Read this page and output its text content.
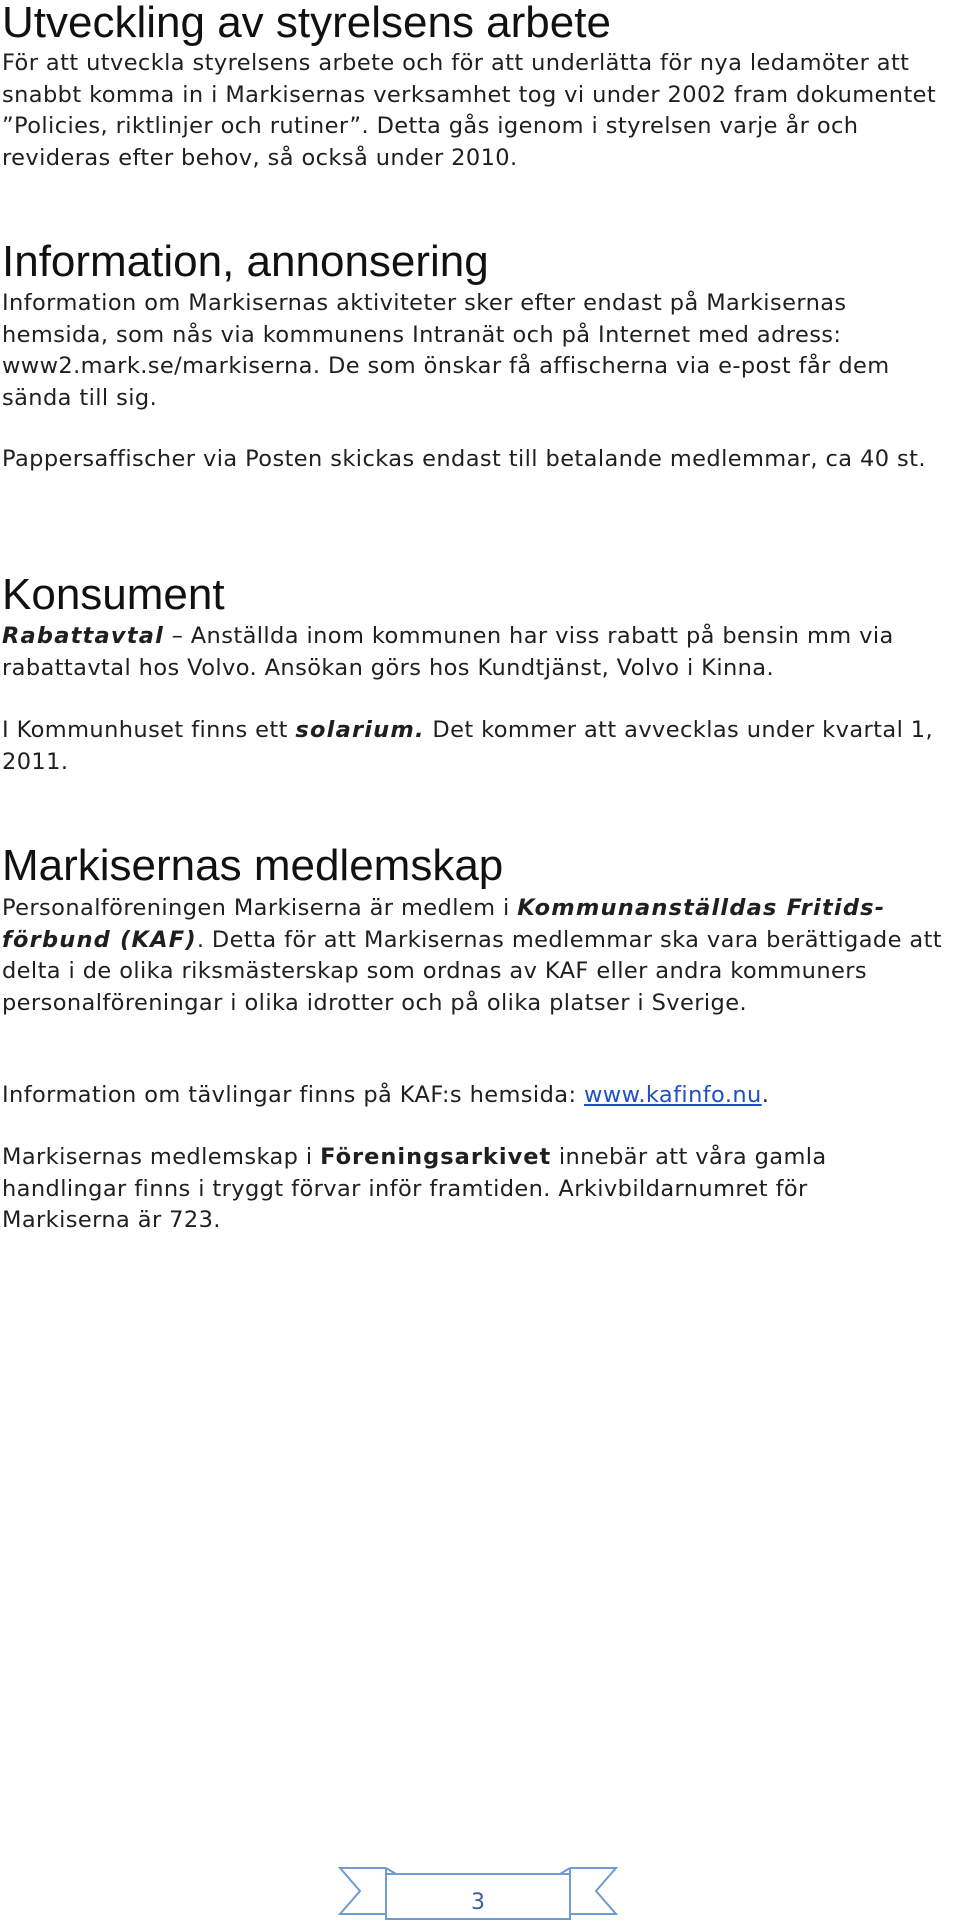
Utveckling av styrelsens arbete

För att utveckla styrelsens arbete och för att underlätta för nya ledamöter att snabbt komma in i Markisernas verksamhet tog vi under 2002 fram dokumentet ”Policies, riktlinjer och rutiner”. Detta gås igenom i styrelsen varje år och revideras efter behov, så också under 2010.

Information, annonsering

Information om Markisernas aktiviteter sker efter endast på Markisernas hemsida, som nås via kommunens Intranät och på Internet med adress: www2.mark.se/markiserna. De som önskar få affischerna via e-post får dem sända till sig.

Pappersaffischer via Posten skickas endast till betalande medlemmar, ca 40 st.

Konsument

Rabattavtal – Anställda inom kommunen har viss rabatt på bensin mm via rabattavtal hos Volvo. Ansökan görs hos Kundtjänst, Volvo i Kinna.

I Kommunhuset finns ett solarium. Det kommer att avvecklas under kvartal 1, 2011.

Markisernas medlemskap

Personalföreningen Markiserna är medlem i Kommunanställdas Fritids-förbund (KAF). Detta för att Markisernas medlemmar ska vara berättigade att delta i de olika riksmästerskap som ordnas av KAF eller andra kommuners personalföreningar i olika idrotter och på olika platser i Sverige.

Information om tävlingar finns på KAF:s hemsida: www.kafinfo.nu.

Markisernas medlemskap i Föreningsarkivet innebär att våra gamla handlingar finns i tryggt förvar inför framtiden. Arkivbildarnumret för Markiserna är 723.

3
